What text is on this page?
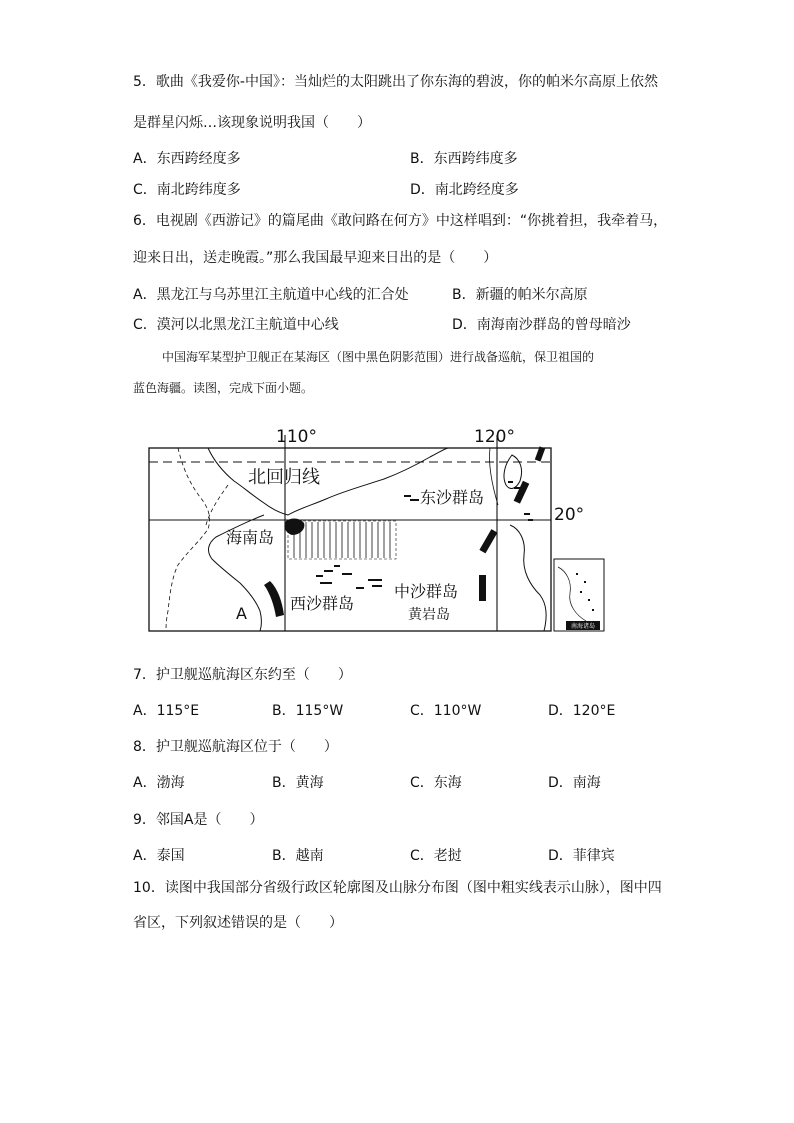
5．歌曲《我爱你-中国》：当灿烂的太阳跳出了你东海的碧波，你的帕米尔高原上依然
是群星闪烁…该现象说明我国（　　）
A．东西跨经度多	B．东西跨纬度多
C．南北跨纬度多	D．南北跨经度多
6．电视剧《西游记》的篇尾曲《敢问路在何方》中这样唱到：“你挑着担，我牵着马，
迎来日出，送走晚霞。”那么我国最早迎来日出的是（　　）
A．黑龙江与乌苏里江主航道中心线的汇合处	B．新疆的帕米尔高原
C．漠河以北黑龙江主航道中心线	D．南海南沙群岛的曾母暗沙
中国海军某型护卫舰正在某海区（图中黑色阴影范围）进行战备巡航，保卫祖国的
蓝色海疆。读图，完成下面小题。
110°	120°
20°
北回归线
东沙群岛
海南岛
西沙群岛
中沙群岛
黄岩岛
A
南海诸岛
7．护卫舰巡航海区东约至（　　）
A．115°E	B．115°W	C．110°W	D．120°E
8．护卫舰巡航海区位于（　　）
A．渤海	B．黄海	C．东海	D．南海
9．邻国A是（　　）
A．泰国	B．越南	C．老挝	D．菲律宾
10．读图中我国部分省级行政区轮廓图及山脉分布图（图中粗实线表示山脉），图中四
省区，下列叙述错误的是（　　）
